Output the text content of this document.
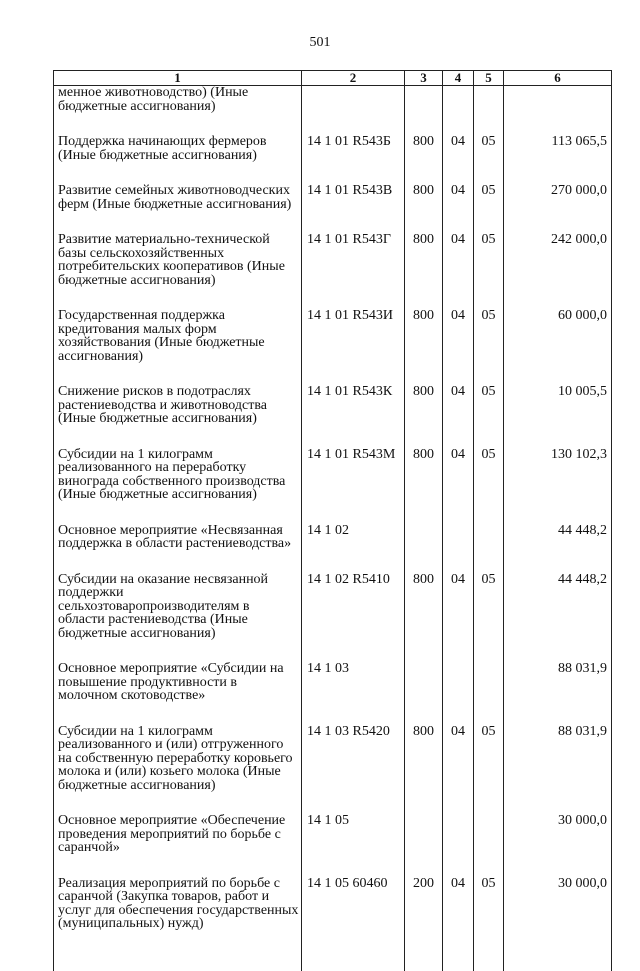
501
1	2	3	4	5	6
менное животноводство) (Иные бюджетные ассигнования)					

Поддержка начинающих фермеров (Иные бюджетные ассигнования)	14 1 01 R543Б	800	04	05	113 065,5

Развитие семейных животноводческих ферм (Иные бюджетные ассигнования)	14 1 01 R543В	800	04	05	270 000,0

Развитие материально-технической базы сельскохозяйственных потребительских кооперативов (Иные бюджетные ассигнования)	14 1 01 R543Г	800	04	05	242 000,0

Государственная поддержка кредитования малых форм хозяйствования (Иные бюджетные ассигнования)	14 1 01 R543И	800	04	05	60 000,0

Снижение рисков в подотраслях растениеводства и животноводства (Иные бюджетные ассигнования)	14 1 01 R543К	800	04	05	10 005,5

Субсидии на 1 килограмм реализованного на переработку винограда собственного производства (Иные бюджетные ассигнования)	14 1 01 R543М	800	04	05	130 102,3

Основное мероприятие «Несвязанная поддержка в области растениеводства»	14 1 02				44 448,2

Субсидии на оказание несвязанной поддержки сельхозтоваропроизводителям в области растениеводства (Иные бюджетные ассигнования)	14 1 02 R5410	800	04	05	44 448,2

Основное мероприятие «Субсидии на повышение продуктивности в молочном скотоводстве»	14 1 03				88 031,9

Субсидии на 1 килограмм реализованного и (или) отгруженного на собственную переработку коровьего молока и (или) козьего молока (Иные бюджетные ассигнования)	14 1 03 R5420	800	04	05	88 031,9

Основное мероприятие «Обеспечение проведения мероприятий по борьбе с саранчой»	14 1 05				30 000,0

Реализация мероприятий по борьбе с саранчой (Закупка товаров, работ и услуг для обеспечения государственных (муниципальных) нужд)	14 1 05 60460	200	04	05	30 000,0
